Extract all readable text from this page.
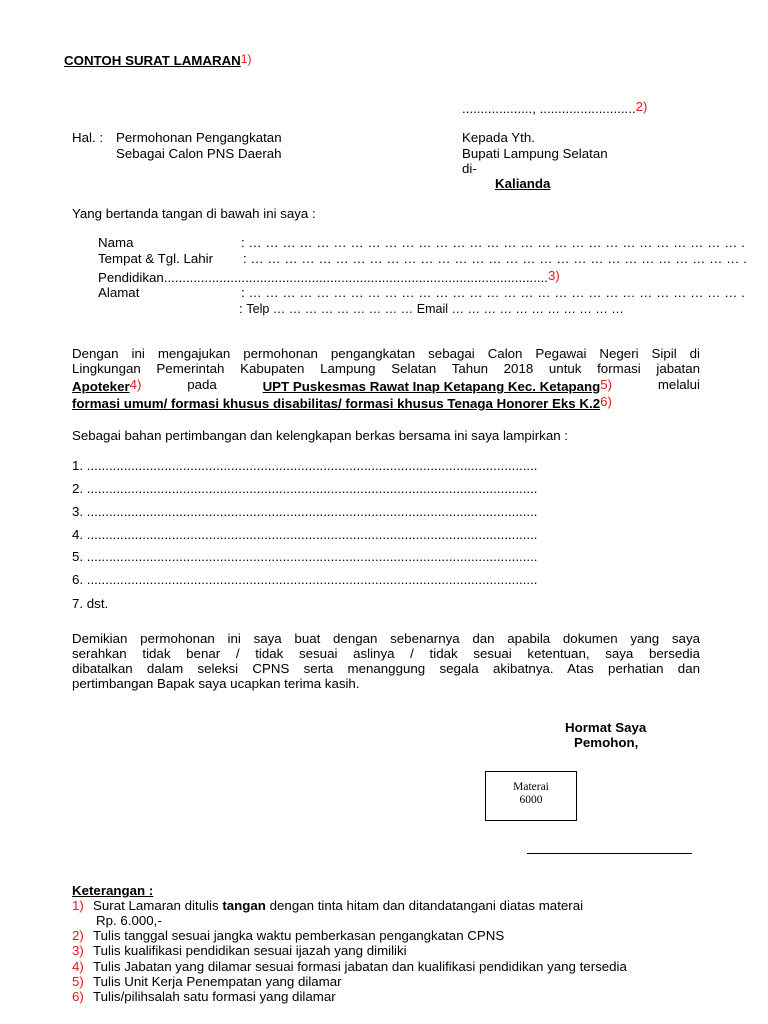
CONTOH SURAT LAMARAN1)
..................., ..........................2)
Hal. : Permohonan Pengangkatan
Sebagai Calon PNS Daerah
Kepada Yth.
Bupati Lampung Selatan
di-
Kalianda
Yang bertanda tangan di bawah ini saya :
Nama	: … … … … … … … … … … … … … … … … … … … … … … … … … … … … … .
Tempat & Tgl. Lahir : … … … … … … … … … … … … … … … … … … … … … … … … … … … … … .
Pendidikan........................................................................................................3)
Alamat	: … … … … … … … … … … … … … … … … … … … … … … … … … … … … … .
: Telp … … … … … … … … … Email … … … … … … … … … … …
Dengan ini mengajukan permohonan pengangkatan sebagai Calon Pegawai Negeri Sipil di
Lingkungan Pemerintah Kabupaten Lampung Selatan Tahun 2018 untuk formasi jabatan
Apoteker4)	pada	UPT Puskesmas Rawat Inap Ketapang Kec. Ketapang5)	melalui
formasi umum/ formasi khusus disabilitas/ formasi khusus Tenaga Honorer Eks K.26)
Sebagai bahan pertimbangan dan kelengkapan berkas bersama ini saya lampirkan :
1. ..........................................................................................................................
2. ..........................................................................................................................
3. ..........................................................................................................................
4. ..........................................................................................................................
5. ..........................................................................................................................
6. ..........................................................................................................................
7. dst.
Demikian permohonan ini saya buat dengan sebenarnya dan apabila dokumen yang saya
serahkan tidak benar / tidak sesuai aslinya / tidak sesuai ketentuan, saya bersedia
dibatalkan dalam seleksi CPNS serta menanggung segala akibatnya. Atas perhatian dan
pertimbangan Bapak saya ucapkan terima kasih.
Hormat Saya
Pemohon,
Materai
6000
Keterangan :
1) Surat Lamaran ditulis tangan dengan tinta hitam dan ditandatangani diatas materai
Rp. 6.000,-
2) Tulis tanggal sesuai jangka waktu pemberkasan pengangkatan CPNS
3) Tulis kualifikasi pendidikan sesuai ijazah yang dimiliki
4) Tulis Jabatan yang dilamar sesuai formasi jabatan dan kualifikasi pendidikan yang tersedia
5) Tulis Unit Kerja Penempatan yang dilamar
6) Tulis/pilihsalah satu formasi yang dilamar
